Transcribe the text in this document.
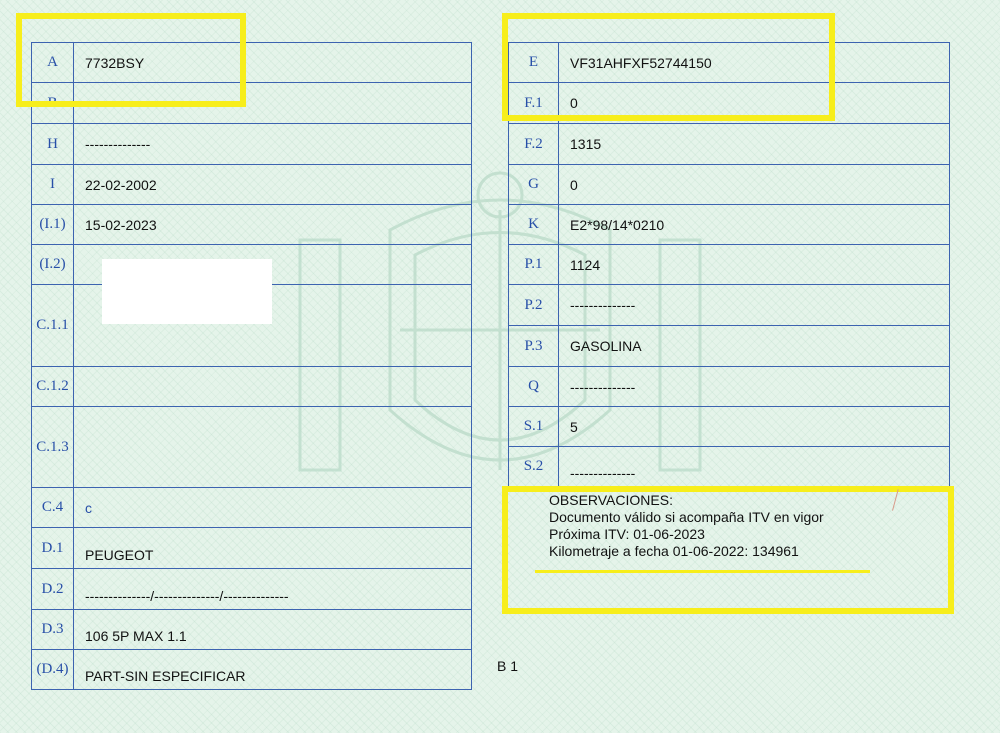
A	7732BSY
B	
H	--------------
I	22-02-2002
(I.1)	15-02-2023
(I.2)	
C.1.1	
C.1.2	
C.1.3	
C.4	c
D.1	PEUGEOT
D.2	--------------/--------------/--------------
D.3	106 5P MAX 1.1
(D.4)	PART-SIN ESPECIFICAR
E	VF31AHFXF52744150
F.1	0
F.2	1315
G	0
K	E2*98/14*0210
P.1	1124
P.2	--------------
P.3	GASOLINA
Q	--------------
S.1	5
S.2	--------------
OBSERVACIONES:
Documento válido si acompaña ITV en vigor
Próxima ITV: 01-06-2023
Kilometraje a fecha 01-06-2022: 134961
B 1
